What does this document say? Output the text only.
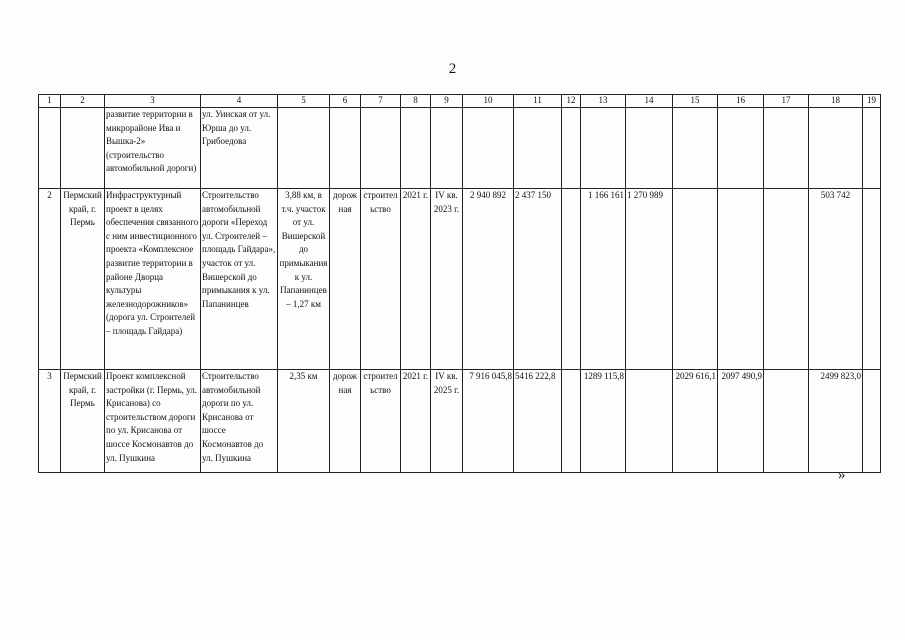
2
1	2	3	4	5	6	7	8	9	10	11	12	13	14	15	16	17	18	19
		развитие территории в микрорайоне Ива и Вышка-2» (строительство автомобильной дороги)	ул. Уинская от ул. Юрша до ул. Грибоедова															
2	Пермский край, г. Пермь	Инфраструктурный проект в целях обеспечения связанного с ним инвестиционного проекта «Комплексное развитие территории в районе Дворца культуры железнодорожников» (дорога ул. Строителей – площадь Гайдара)	Строительство автомобильной дороги «Переход ул. Строителей – площадь Гайдара», участок от ул. Вишерской до примыкания к ул. Папанинцев	3,88 км, в т.ч. участок от ул. Вишерской до примыкания к ул. Папанинцев – 1,27 км	дорожная	строительство	2021 г.	IV кв. 2023 г.	2 940 892	2 437 150		1 166 161	1 270 989				503 742	
3	Пермский край, г. Пермь	Проект комплексной застройки (г. Пермь, ул. Крисанова) со строительством дороги по ул. Крисанова от шоссе Космонавтов до ул. Пушкина	Строительство автомобильной дороги по ул. Крисанова от шоссе Космонавтов до ул. Пушкина	2,35 км	дорожная	строительство	2021 г.	IV кв. 2025 г.	7 916 045,8	5416 222,8		1289 115,8		2029 616,1	2097 490,9		2499 823,0	
»
